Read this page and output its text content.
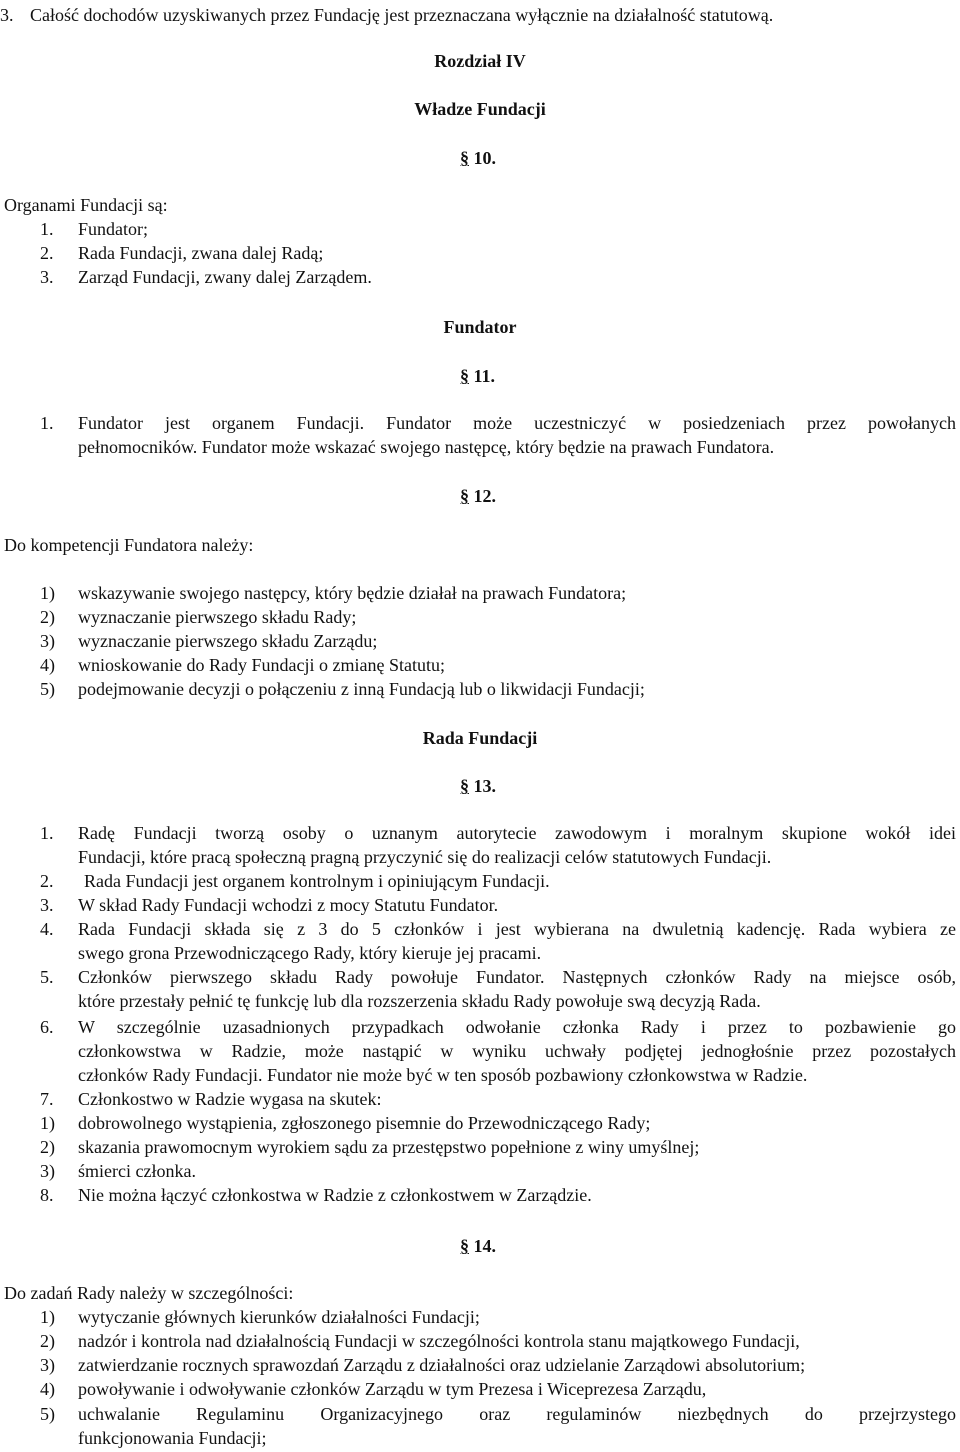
3. Całość dochodów uzyskiwanych przez Fundację jest przeznaczana wyłącznie na działalność statutową.
Rozdział IV
Władze Fundacji
§ 10.
Organami Fundacji są:
1. Fundator;
2. Rada Fundacji, zwana dalej Radą;
3. Zarząd Fundacji, zwany dalej Zarządem.
Fundator
§ 11.
1. Fundator jest organem Fundacji. Fundator może uczestniczyć w posiedzeniach przez powołanych
pełnomocników. Fundator może wskazać swojego następcę, który będzie na prawach Fundatora.
§ 12.
Do kompetencji Fundatora należy:
1) wskazywanie swojego następcy, który będzie działał na prawach Fundatora;
2) wyznaczanie pierwszego składu Rady;
3) wyznaczanie pierwszego składu Zarządu;
4) wnioskowanie do Rady Fundacji o zmianę Statutu;
5) podejmowanie decyzji o połączeniu z inną Fundacją lub o likwidacji Fundacji;
Rada Fundacji
§ 13.
1. Radę Fundacji tworzą osoby o uznanym autorytecie zawodowym i moralnym skupione wokół idei
Fundacji, które pracą społeczną pragną przyczynić się do realizacji celów statutowych Fundacji.
2. Rada Fundacji jest organem kontrolnym i opiniującym Fundacji.
3. W skład Rady Fundacji wchodzi z mocy Statutu Fundator.
4. Rada Fundacji składa się z 3 do 5 członków i jest wybierana na dwuletnią kadencję. Rada wybiera ze
swego grona Przewodniczącego Rady, który kieruje jej pracami.
5. Członków pierwszego składu Rady powołuje Fundator. Następnych członków Rady na miejsce osób,
które przestały pełnić tę funkcję lub dla rozszerzenia składu Rady powołuje swą decyzją Rada.
6. W szczególnie uzasadnionych przypadkach odwołanie członka Rady i przez to pozbawienie go
członkowstwa w Radzie, może nastąpić w wyniku uchwały podjętej jednogłośnie przez pozostałych
członków Rady Fundacji. Fundator nie może być w ten sposób pozbawiony członkowstwa w Radzie.
7. Członkostwo w Radzie wygasa na skutek:
1) dobrowolnego wystąpienia, zgłoszonego pisemnie do Przewodniczącego Rady;
2) skazania prawomocnym wyrokiem sądu za przestępstwo popełnione z winy umyślnej;
3) śmierci członka.
8. Nie można łączyć członkostwa w Radzie z członkostwem w Zarządzie.
§ 14.
Do zadań Rady należy w szczególności:
1) wytyczanie głównych kierunków działalności Fundacji;
2) nadzór i kontrola nad działalnością Fundacji w szczególności kontrola stanu majątkowego Fundacji,
3) zatwierdzanie rocznych sprawozdań Zarządu z działalności oraz udzielanie Zarządowi absolutorium;
4) powoływanie i odwoływanie członków Zarządu w tym Prezesa i Wiceprezesa Zarządu,
5) uchwalanie Regulaminu Organizacyjnego oraz regulaminów niezbędnych do przejrzystego
funkcjonowania Fundacji;
